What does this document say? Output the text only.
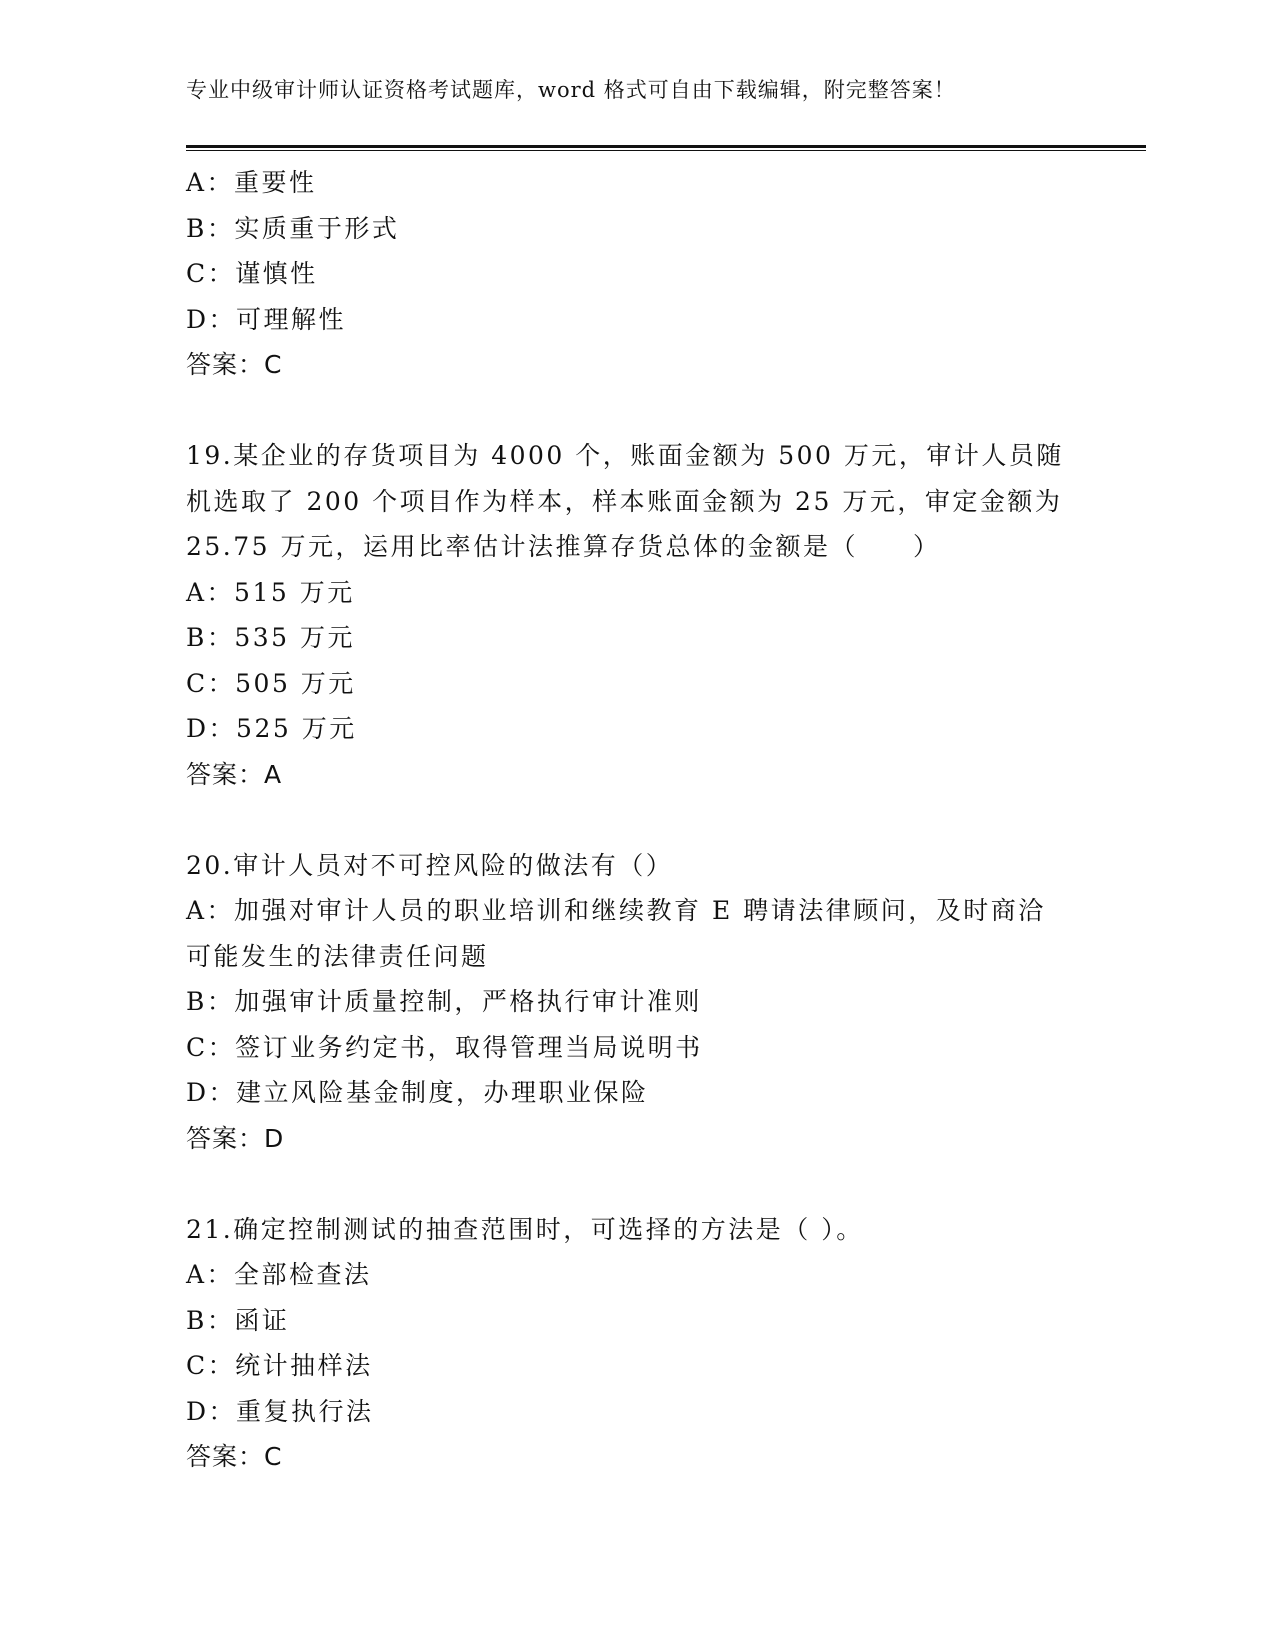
专业中级审计师认证资格考试题库，word 格式可自由下载编辑，附完整答案！
A：重要性
B：实质重于形式
C：谨慎性
D：可理解性
答案：C
19.某企业的存货项目为 4000 个，账面金额为 500 万元，审计人员随
机选取了 200 个项目作为样本，样本账面金额为 25 万元，审定金额为
25.75 万元，运用比率估计法推算存货总体的金额是（　　）
A：515 万元
B：535 万元
C：505 万元
D：525 万元
答案：A
20.审计人员对不可控风险的做法有（）
A：加强对审计人员的职业培训和继续教育 E 聘请法律顾问，及时商洽
可能发生的法律责任问题
B：加强审计质量控制，严格执行审计准则
C：签订业务约定书，取得管理当局说明书
D：建立风险基金制度，办理职业保险
答案：D
21.确定控制测试的抽查范围时，可选择的方法是（ ）。
A：全部检查法
B：函证
C：统计抽样法
D：重复执行法
答案：C
